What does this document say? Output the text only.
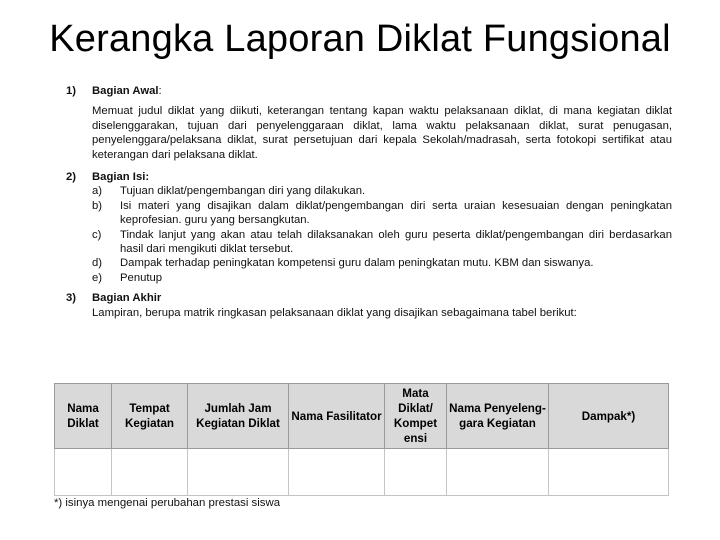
Kerangka Laporan Diklat Fungsional
1) Bagian Awal:
Memuat judul diklat yang diikuti, keterangan tentang kapan waktu pelaksanaan diklat, di mana kegiatan diklat diselenggarakan, tujuan dari penyelenggaraan diklat, lama waktu pelaksanaan diklat, surat penugasan, penyelenggara/pelaksana diklat, surat persetujuan dari kepala Sekolah/madrasah, serta fotokopi sertifikat atau keterangan dari pelaksana diklat.
2) Bagian Isi:
a) Tujuan diklat/pengembangan diri yang dilakukan.
b) Isi materi yang disajikan dalam diklat/pengembangan diri serta uraian kesesuaian dengan peningkatan keprofesian. guru yang bersangkutan.
c) Tindak lanjut yang akan atau telah dilaksanakan oleh guru peserta diklat/pengembangan diri berdasarkan hasil dari mengikuti diklat tersebut.
d) Dampak terhadap peningkatan kompetensi guru dalam peningkatan mutu. KBM dan siswanya.
e) Penutup
3) Bagian Akhir
Lampiran, berupa matrik ringkasan pelaksanaan diklat yang disajikan sebagaimana tabel berikut:
Nama Diklat	Tempat Kegiatan	Jumlah Jam Kegiatan Diklat	Nama Fasilitator	Mata Diklat/ Kompet ensi	Nama Penyeleng- gara Kegiatan	Dampak*)

*) isinya mengenai perubahan prestasi siswa
